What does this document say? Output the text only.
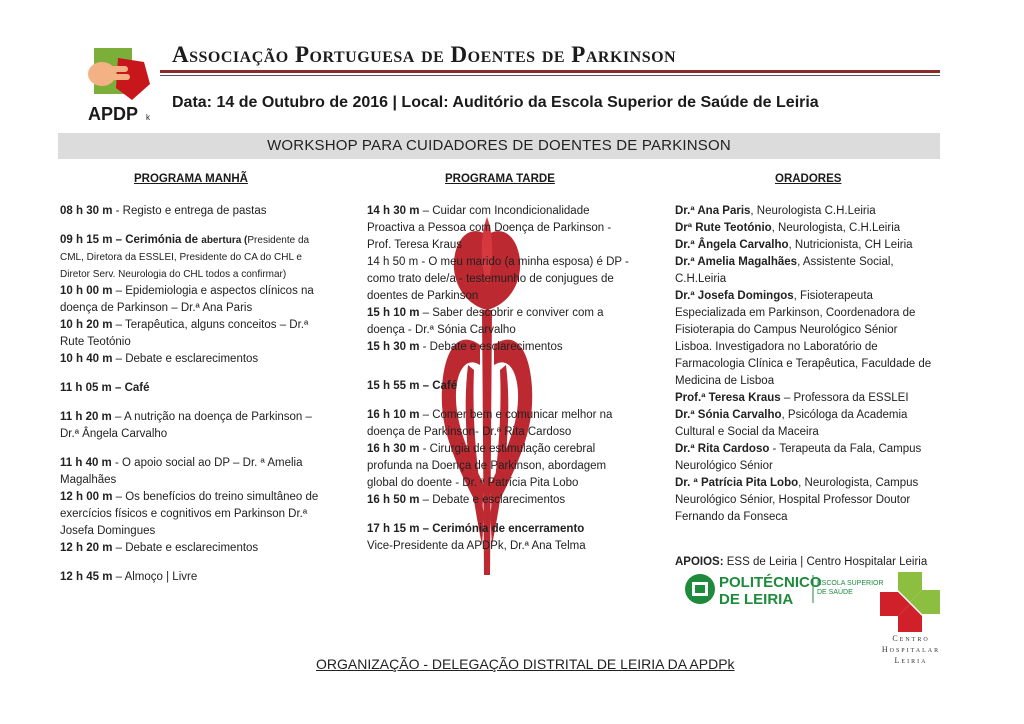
APDP k
Associação Portuguesa de Doentes de Parkinson
Data: 14 de Outubro de 2016 | Local: Auditório da Escola Superior de Saúde de Leiria
WORKSHOP PARA CUIDADORES DE DOENTES DE PARKINSON
PROGRAMA MANHÃ

08 h 30 m - Registo e entrega de pastas

09 h 15 m – Cerimónia de abertura (Presidente da CML, Diretora da ESSLEI, Presidente do CA do CHL e Diretor Serv. Neurologia do CHL todos a confirmar)

10 h 00 m – Epidemiologia e aspectos clínicos na doença de Parkinson – Dr.ª Ana Paris

10 h 20 m – Terapêutica, alguns conceitos – Dr.ª Rute Teotónio

10 h 40 m – Debate e esclarecimentos

11 h 05 m – Café

11 h 20 m – A nutrição na doença de Parkinson – Dr.ª Ângela Carvalho

11 h 40 m - O apoio social ao DP – Dr. ª Amelia Magalhães

12 h 00 m – Os benefícios do treino simultâneo de exercícios físicos e cognitivos em Parkinson Dr.ª Josefa Domingues

12 h 20 m – Debate e esclarecimentos

12 h 45 m – Almoço | Livre

PROGRAMA TARDE

14 h 30 m – Cuidar com Incondicionalidade Proactiva a Pessoa com Doença de Parkinson - Prof. Teresa Kraus

14 h 50 m - O meu marido (a minha esposa) é DP - como trato dele/a - testemunho de conjugues de doentes de Parkinson

15 h 10 m – Saber descobrir e conviver com a doença - Dr.ª Sónia Carvalho

15 h 30 m - Debate e esclarecimentos

15 h 55 m – Café

16 h 10 m – Comer bem e comunicar melhor na doença de Parkinson- Dr.ª Rita Cardoso

16 h 30 m - Cirurgia de estimulação cerebral profunda na Doença de Parkinson, abordagem global do doente - Dr. ª Patrícia Pita Lobo

16 h 50 m – Debate e esclarecimentos

17 h 15 m – Cerimónia de encerramento

Vice-Presidente da APDPk, Dr.ª Ana Telma

ORADORES

Dr.ª Ana Paris, Neurologista C.H.Leiria

Drª Rute Teotónio, Neurologista, C.H.Leiria

Dr.ª Ângela Carvalho, Nutricionista, CH Leiria

Dr.ª Amelia Magalhães, Assistente Social, C.H.Leiria

Dr.ª Josefa Domingos, Fisioterapeuta Especializada em Parkinson, Coordenadora de Fisioterapia do Campus Neurológico Sénior Lisboa. Investigadora no Laboratório de Farmacologia Clínica e Terapêutica, Faculdade de Medicina de Lisboa

Prof.ª Teresa Kraus – Professora da ESSLEI

Dr.ª Sónia Carvalho, Psicóloga da Academia Cultural e Social da Maceira

Dr.ª Rita Cardoso - Terapeuta da Fala, Campus Neurológico Sénior

Dr. ª Patrícia Pita Lobo, Neurologista, Campus Neurológico Sénior, Hospital Professor Doutor Fernando da Fonseca

APOIOS: ESS de Leiria | Centro Hospitalar Leiria

POLITÉCNICO
DE LEIRIA
ESCOLA SUPERIOR
DE SAÚDE
Centro
Hospitalar
Leiria
ORGANIZAÇÃO - DELEGAÇÃO DISTRITAL DE LEIRIA DA APDPk
